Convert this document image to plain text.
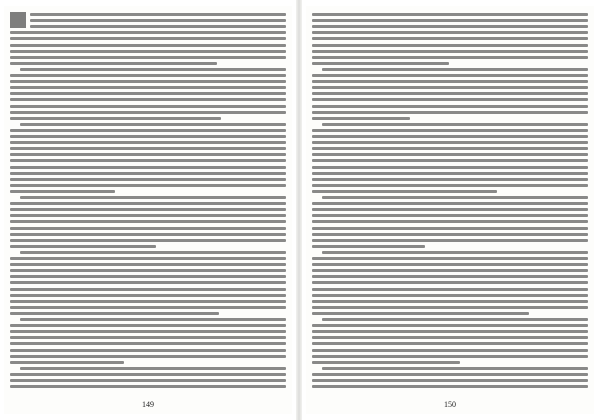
149	150
